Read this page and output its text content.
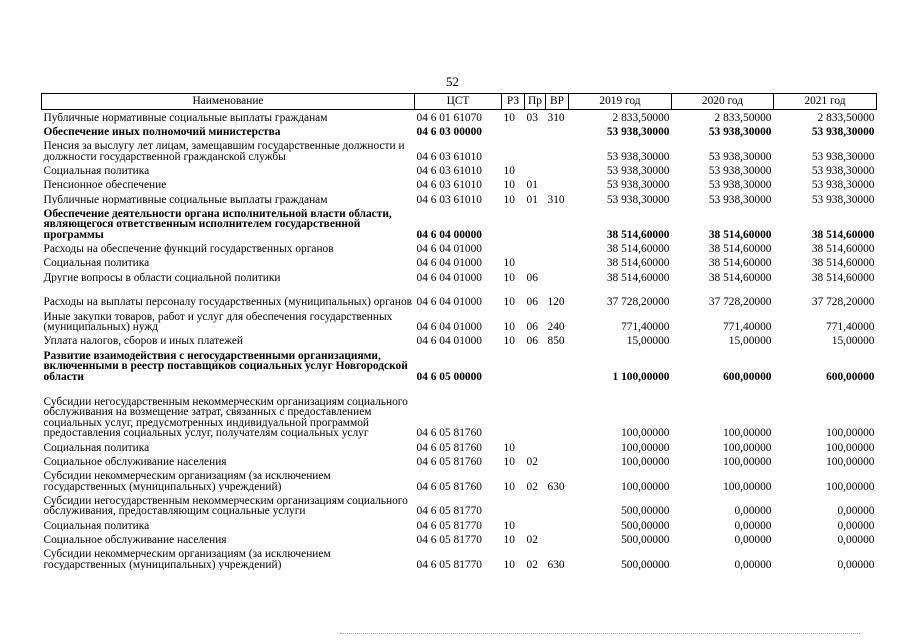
52
Наименование	ЦСТ	РЗ	Пр	ВР	2019 год	2020 год	2021 год
Публичные нормативные социальные выплаты гражданам	04 6 01 61070	10	03	310	2 833,50000	2 833,50000	2 833,50000
Обеспечение иных полномочий министерства	04 6 03 00000				53 938,30000	53 938,30000	53 938,30000
Пенсия за выслугу лет лицам, замещавшим государственные должности и должности государственной гражданской службы	04 6 03 61010				53 938,30000	53 938,30000	53 938,30000
Социальная политика	04 6 03 61010	10			53 938,30000	53 938,30000	53 938,30000
Пенсионное обеспечение	04 6 03 61010	10	01		53 938,30000	53 938,30000	53 938,30000
Публичные нормативные социальные выплаты гражданам	04 6 03 61010	10	01	310	53 938,30000	53 938,30000	53 938,30000
Обеспечение деятельности органа исполнительной власти области, являющегося ответственным исполнителем государственной программы	04 6 04 00000				38 514,60000	38 514,60000	38 514,60000
Расходы на обеспечение функций государственных органов	04 6 04 01000				38 514,60000	38 514,60000	38 514,60000
Социальная политика	04 6 04 01000	10			38 514,60000	38 514,60000	38 514,60000
Другие вопросы в области социальной политики	04 6 04 01000	10	06		38 514,60000	38 514,60000	38 514,60000
Расходы на выплаты персоналу государственных (муниципальных) органов	04 6 04 01000	10	06	120	37 728,20000	37 728,20000	37 728,20000
Иные закупки товаров, работ и услуг для обеспечения государственных (муниципальных) нужд	04 6 04 01000	10	06	240	771,40000	771,40000	771,40000
Уплата налогов, сборов и иных платежей	04 6 04 01000	10	06	850	15,00000	15,00000	15,00000
Развитие взаимодействия с негосударственными организациями, включенными в реестр поставщиков социальных услуг Новгородской области	04 6 05 00000				1 100,00000	600,00000	600,00000
Субсидии негосударственным некоммерческим организациям социального обслуживания на возмещение затрат, связанных с предоставлением социальных услуг, предусмотренных индивидуальной программой предоставления социальных услуг, получателям социальных услуг	04 6 05 81760				100,00000	100,00000	100,00000
Социальная политика	04 6 05 81760	10			100,00000	100,00000	100,00000
Социальное обслуживание населения	04 6 05 81760	10	02		100,00000	100,00000	100,00000
Субсидии некоммерческим организациям (за исключением государственных (муниципальных) учреждений)	04 6 05 81760	10	02	630	100,00000	100,00000	100,00000
Субсидии негосударственным некоммерческим организациям социального обслуживания, предоставляющим социальные услуги	04 6 05 81770				500,00000	0,00000	0,00000
Социальная политика	04 6 05 81770	10			500,00000	0,00000	0,00000
Социальное обслуживание населения	04 6 05 81770	10	02		500,00000	0,00000	0,00000
Субсидии некоммерческим организациям (за исключением государственных (муниципальных) учреждений)	04 6 05 81770	10	02	630	500,00000	0,00000	0,00000
